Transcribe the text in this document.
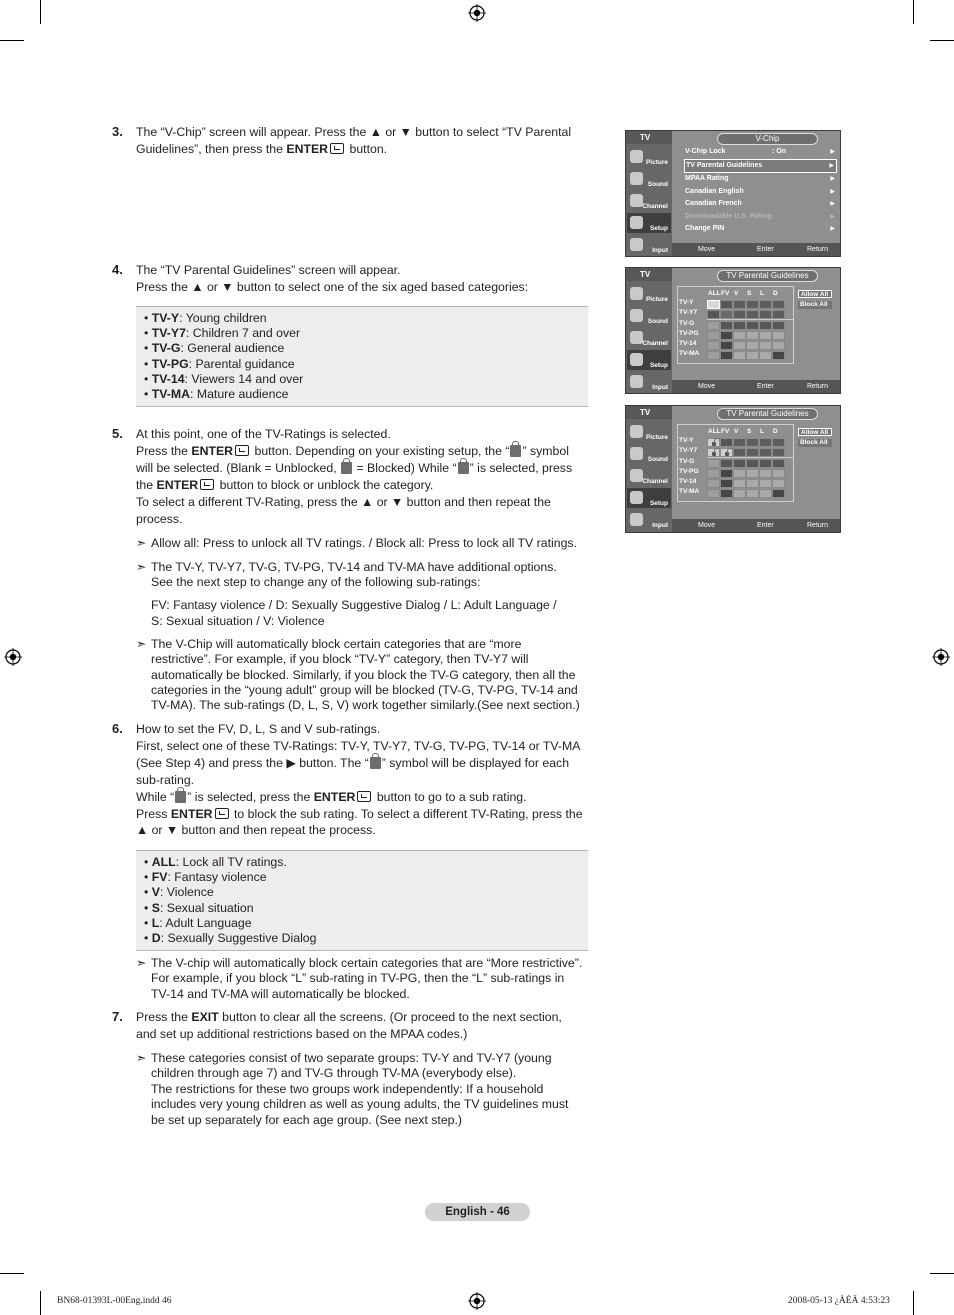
3. The “V-Chip” screen will appear. Press the ▲ or ▼ button to select “TV Parental

Guidelines”, then press the ENTER button.

4. The “TV Parental Guidelines” screen will appear.

Press the ▲ or ▼ button to select one of the six aged based categories:

• TV-Y: Young children
• TV-Y7: Children 7 and over
• TV-G: General audience
• TV-PG: Parental guidance
• TV-14: Viewers 14 and over
• TV-MA: Mature audience
5. At this point, one of the TV-Ratings is selected.

Press the ENTER button. Depending on your existing setup, the “ ” symbol

will be selected. (Blank = Unblocked,  = Blocked) While “ ” is selected, press

the ENTER button to block or unblock the category.

To select a different TV-Rating, press the ▲ or ▼ button and then repeat the

process.

➣ Allow all: Press to unlock all TV ratings. / Block all: Press to lock all TV ratings.

➣ The TV-Y, TV-Y7, TV-G, TV-PG, TV-14 and TV-MA have additional options.

See the next step to change any of the following sub-ratings:

FV: Fantasy violence / D: Sexually Suggestive Dialog / L: Adult Language /

S: Sexual situation / V: Violence

➣ The V-Chip will automatically block certain categories that are “more

restrictive”. For example, if you block “TV-Y” category, then TV-Y7 will

automatically be blocked. Similarly, if you block the TV-G category, then all the

categories in the “young adult” group will be blocked (TV-G, TV-PG, TV-14 and

TV-MA). The sub-ratings (D, L, S, V) work together similarly.(See next section.)

6. How to set the FV, D, L, S and V sub-ratings.

First, select one of these TV-Ratings: TV-Y, TV-Y7, TV-G, TV-PG, TV-14 or TV-MA

(See Step 4) and press the ▶ button. The “ ” symbol will be displayed for each

sub-rating.

While “ ” is selected, press the ENTER button to go to a sub rating.

Press ENTER to block the sub rating. To select a different TV-Rating, press the

▲ or ▼ button and then repeat the process.

• ALL: Lock all TV ratings.
• FV: Fantasy violence
• V: Violence
• S: Sexual situation
• L: Adult Language
• D: Sexually Suggestive Dialog
➣ The V-chip will automatically block certain categories that are “More restrictive”.

For example, if you block “L” sub-rating in TV-PG, then the “L” sub-ratings in

TV-14 and TV-MA will automatically be blocked.

7. Press the EXIT button to clear all the screens. (Or proceed to the next section,

and set up additional restrictions based on the MPAA codes.)

➣ These categories consist of two separate groups: TV-Y and TV-Y7 (young

children through age 7) and TV-G through TV-MA (everybody else).

The restrictions for these two groups work independently: If a household

includes very young children as well as young adults, the TV guidelines must

be set up separately for each age group. (See next step.)

TV
Picture
Sound
Channel
Setup
Input
V-Chip
Move	Enter	Return
V-Chip Lock	: On	▶
TV Parental Guidelines	▶
MPAA Rating	▶
Canadian English	▶
Canadian French	▶
Downloadable U.S. Rating	▶
Change PIN	▶
TV
Picture
Sound
Channel
Setup
Input
TV Parental Guidelines
Move	Enter	Return
ALL FV V S L D
TV-Y
TV-Y7
TV-G
TV-PG
TV-14
TV-MA
Allow All
Block All
TV
Picture
Sound
Channel
Setup
Input
TV Parental Guidelines
Move	Enter	Return
ALL FV V S L D
TV-Y
TV-Y7
TV-G
TV-PG
TV-14
TV-MA
Allow All
Block All
English - 46
BN68-01393L-00Eng.indd 46	2008-05-13 ¿ÀÈÄ 4:53:23
